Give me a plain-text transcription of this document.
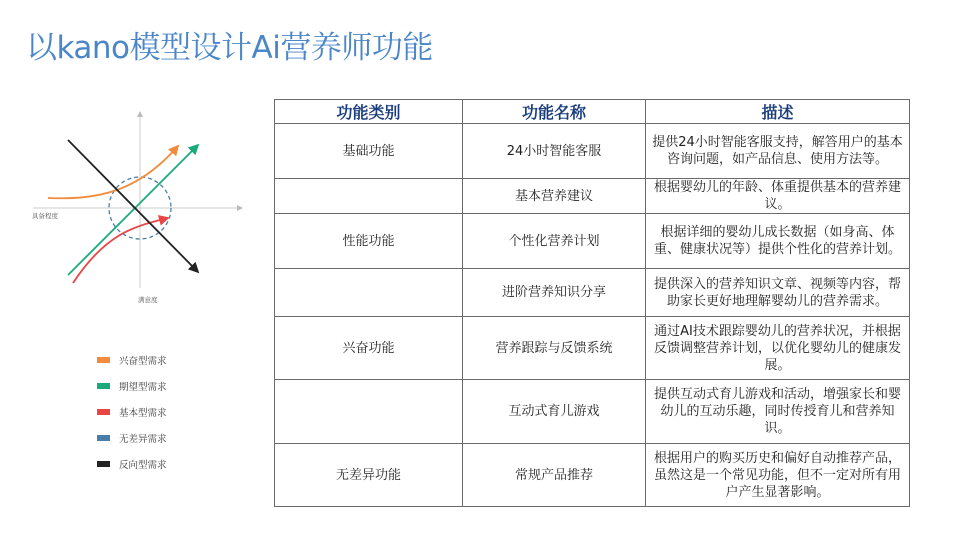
以kano模型设计Ai营养师功能
具备程度
满意度
兴奋型需求
期望型需求
基本型需求
无差异需求
反向型需求
功能类别	功能名称	描述
基础功能	24小时智能客服	提供24小时智能客服支持，解答用户的基本咨询问题，如产品信息、使用方法等。
	基本营养建议	根据婴幼儿的年龄、体重提供基本的营养建议。
性能功能	个性化营养计划	根据详细的婴幼儿成长数据（如身高、体重、健康状况等）提供个性化的营养计划。
	进阶营养知识分享	提供深入的营养知识文章、视频等内容，帮助家长更好地理解婴幼儿的营养需求。
兴奋功能	营养跟踪与反馈系统	通过AI技术跟踪婴幼儿的营养状况，并根据反馈调整营养计划，以优化婴幼儿的健康发展。
	互动式育儿游戏	提供互动式育儿游戏和活动，增强家长和婴幼儿的互动乐趣，同时传授育儿和营养知识。
无差异功能	常规产品推荐	根据用户的购买历史和偏好自动推荐产品，虽然这是一个常见功能，但不一定对所有用户产生显著影响。
